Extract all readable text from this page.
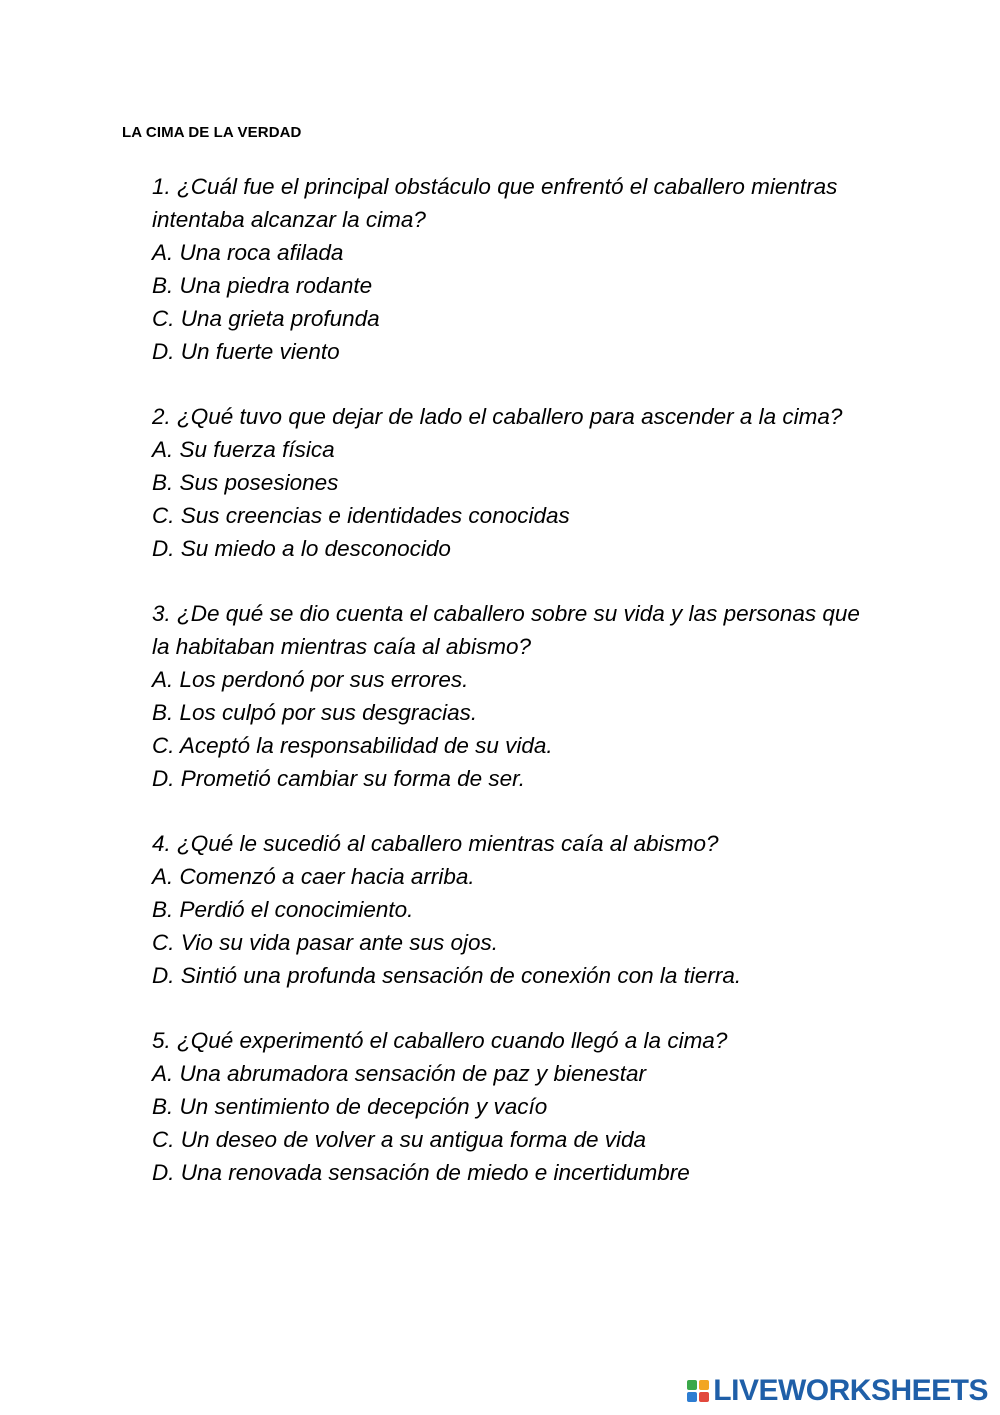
LA CIMA DE LA VERDAD

1. ¿Cuál fue el principal obstáculo que enfrentó el caballero mientras intentaba alcanzar la cima?

A. Una roca afilada
B. Una piedra rodante
C. Una grieta profunda
D. Un fuerte viento

2. ¿Qué tuvo que dejar de lado el caballero para ascender a la cima?

A. Su fuerza física
B. Sus posesiones
C. Sus creencias e identidades conocidas
D. Su miedo a lo desconocido

3. ¿De qué se dio cuenta el caballero sobre su vida y las personas que la habitaban mientras caía al abismo?

A. Los perdonó por sus errores.
B. Los culpó por sus desgracias.
C. Aceptó la responsabilidad de su vida.
D. Prometió cambiar su forma de ser.

4. ¿Qué le sucedió al caballero mientras caía al abismo?

A. Comenzó a caer hacia arriba.
B. Perdió el conocimiento.
C. Vio su vida pasar ante sus ojos.
D. Sintió una profunda sensación de conexión con la tierra.

5. ¿Qué experimentó el caballero cuando llegó a la cima?

A. Una abrumadora sensación de paz y bienestar
B. Un sentimiento de decepción y vacío
C. Un deseo de volver a su antigua forma de vida
D. Una renovada sensación de miedo e incertidumbre
LIVEWORKSHEETS
